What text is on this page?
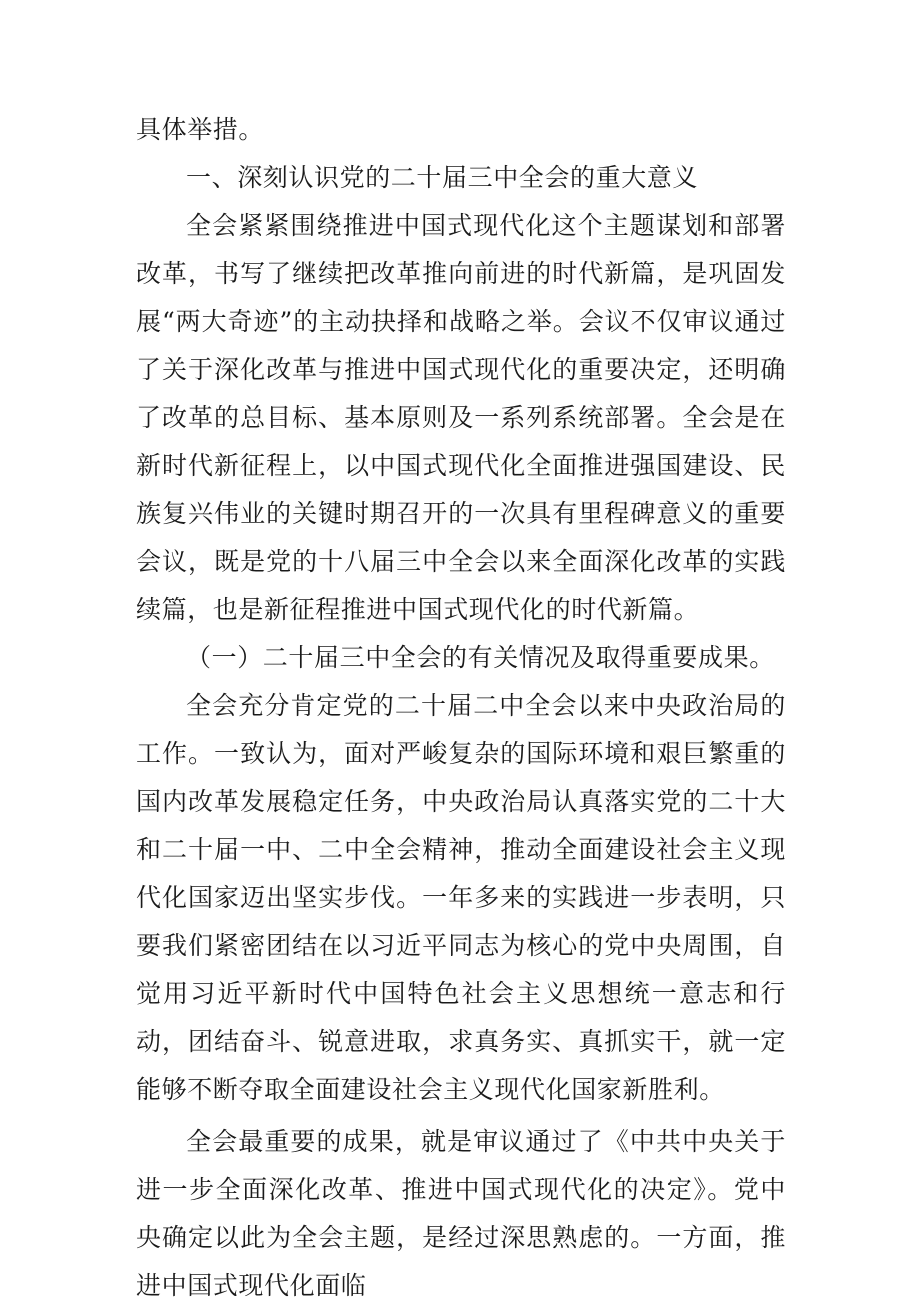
具体举措。

一、深刻认识党的二十届三中全会的重大意义

全会紧紧围绕推进中国式现代化这个主题谋划和部署改革，书写了继续把改革推向前进的时代新篇，是巩固发展“两大奇迹”的主动抉择和战略之举。会议不仅审议通过了关于深化改革与推进中国式现代化的重要决定，还明确了改革的总目标、基本原则及一系列系统部署。全会是在新时代新征程上，以中国式现代化全面推进强国建设、民族复兴伟业的关键时期召开的一次具有里程碑意义的重要会议，既是党的十八届三中全会以来全面深化改革的实践续篇，也是新征程推进中国式现代化的时代新篇。

（一）二十届三中全会的有关情况及取得重要成果。

全会充分肯定党的二十届二中全会以来中央政治局的工作。一致认为，面对严峻复杂的国际环境和艰巨繁重的国内改革发展稳定任务，中央政治局认真落实党的二十大和二十届一中、二中全会精神，推动全面建设社会主义现代化国家迈出坚实步伐。一年多来的实践进一步表明，只要我们紧密团结在以习近平同志为核心的党中央周围，自觉用习近平新时代中国特色社会主义思想统一意志和行动，团结奋斗、锐意进取，求真务实、真抓实干，就一定能够不断夺取全面建设社会主义现代化国家新胜利。

全会最重要的成果，就是审议通过了《中共中央关于进一步全面深化改革、推进中国式现代化的决定》。党中央确定以此为全会主题，是经过深思熟虑的。一方面，推进中国式现代化面临
